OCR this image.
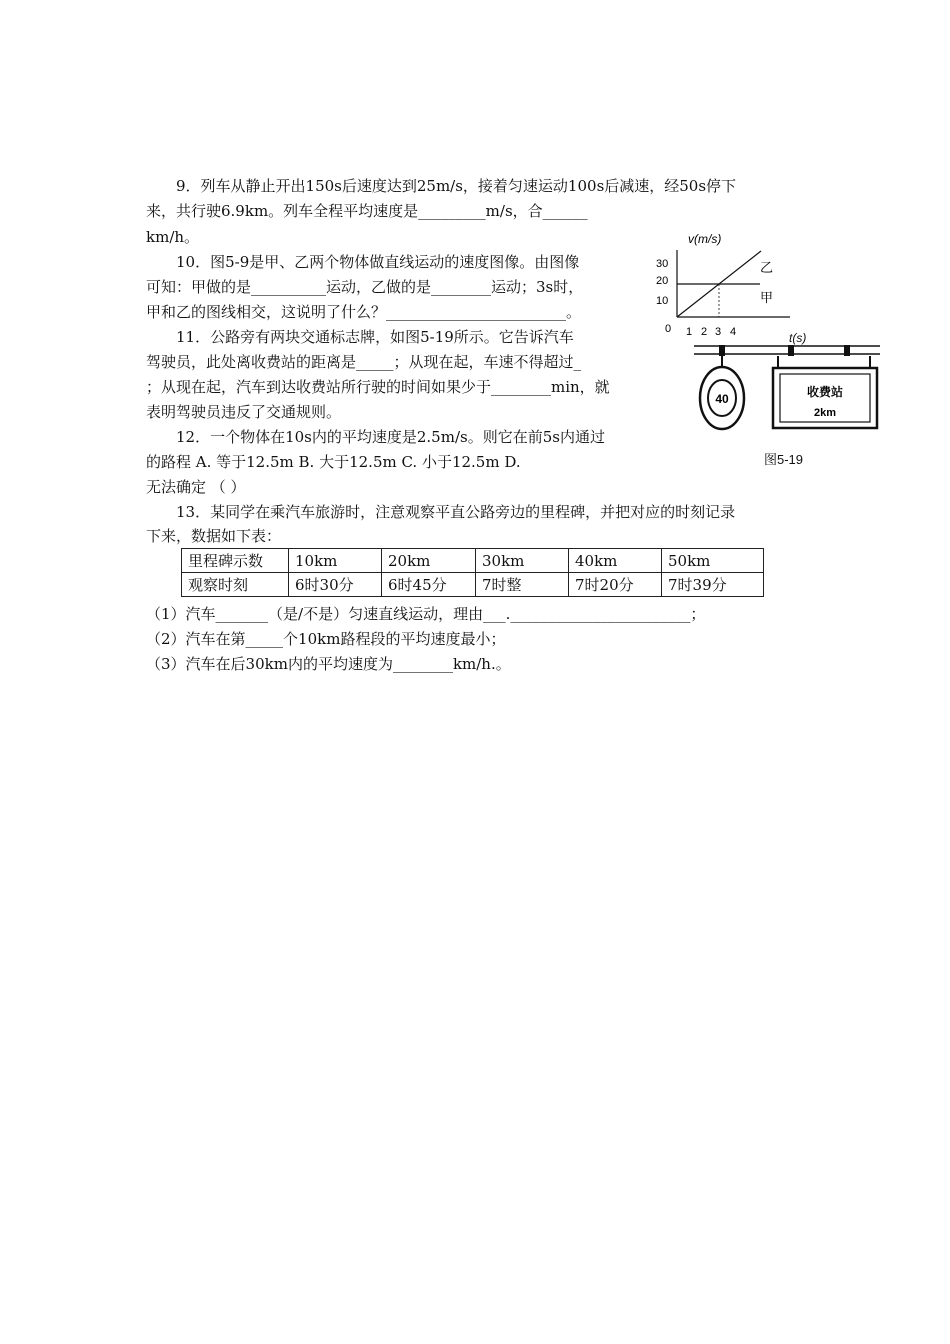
9．列车从静止开出150s后速度达到25m/s，接着匀速运动100s后减速，经50s停下
来，共行驶6.9km。列车全程平均速度是_________m/s，合______
km/h。
10．图5-9是甲、乙两个物体做直线运动的速度图像。由图像
可知：甲做的是__________运动，乙做的是________运动；3s时，
甲和乙的图线相交，这说明了什么？________________________。
11．公路旁有两块交通标志牌，如图5-19所示。它告诉汽车
驾驶员，此处离收费站的距离是_____；从现在起，车速不得超过_
；从现在起，汽车到达收费站所行驶的时间如果少于________min，就
表明驾驶员违反了交通规则。
12．一个物体在10s内的平均速度是2.5m/s。则它在前5s内通过
的路程 A. 等于12.5m B. 大于12.5m C. 小于12.5m D.
无法确定 （ ）
13．某同学在乘汽车旅游时，注意观察平直公路旁边的里程碑，并把对应的时刻记录
下来，数据如下表：
里程碑示数	10km	20km	30km	40km	50km
观察时刻	6时30分	6时45分	7时整	7时20分	7时39分
（1）汽车_______（是/不是）匀速直线运动，理由___.________________________；
（2）汽车在第_____个10km路程段的平均速度最小；
（3）汽车在后30km内的平均速度为________km/h.。
v(m/s)
30
20
10
0 1 2 3 4
乙
甲
t(s)
40	收费站
2km
图5-19
